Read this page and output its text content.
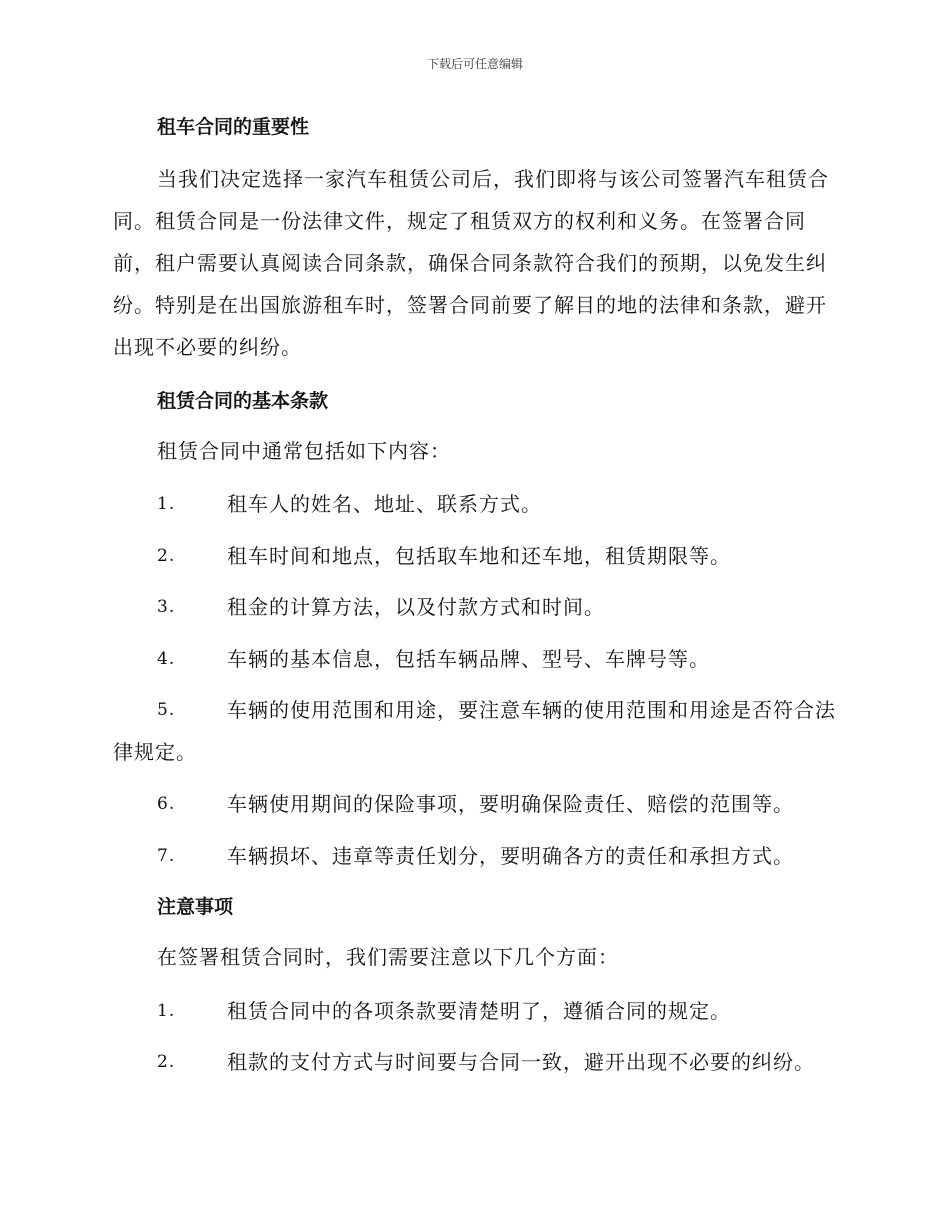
下载后可任意编辑
租车合同的重要性

当我们决定选择一家汽车租赁公司后，我们即将与该公司签署汽车租赁合同。租赁合同是一份法律文件，规定了租赁双方的权利和义务。在签署合同前，租户需要认真阅读合同条款，确保合同条款符合我们的预期，以免发生纠纷。特别是在出国旅游租车时，签署合同前要了解目的地的法律和条款，避开出现不必要的纠纷。

租赁合同的基本条款
租赁合同中通常包括如下内容：
1.	租车人的姓名、地址、联系方式。
2.	租车时间和地点，包括取车地和还车地，租赁期限等。
3.	租金的计算方法，以及付款方式和时间。
4.	车辆的基本信息，包括车辆品牌、型号、车牌号等。
5.	车辆的使用范围和用途，要注意车辆的使用范围和用途是否符合法律规定。
6.	车辆使用期间的保险事项，要明确保险责任、赔偿的范围等。
7.	车辆损坏、违章等责任划分，要明确各方的责任和承担方式。
注意事项
在签署租赁合同时，我们需要注意以下几个方面：
1.	租赁合同中的各项条款要清楚明了，遵循合同的规定。
2.	租款的支付方式与时间要与合同一致，避开出现不必要的纠纷。
